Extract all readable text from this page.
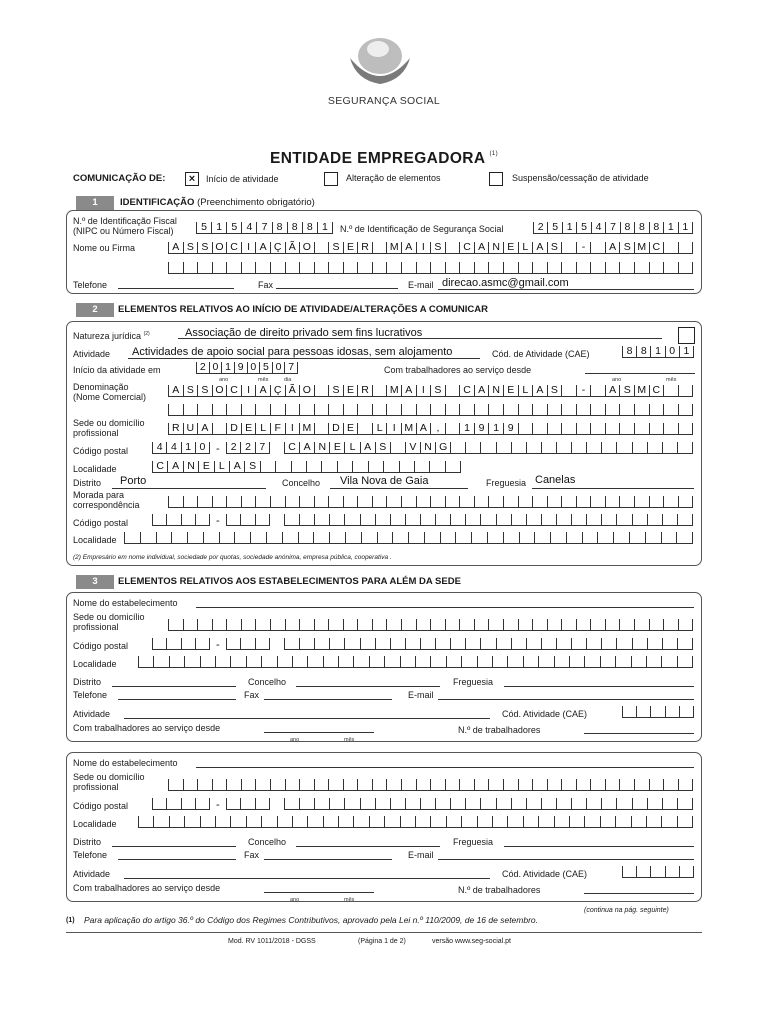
SEGURANÇA SOCIAL
ENTIDADE EMPREGADORA $^{(1)}$
COMUNICAÇÃO DE:	×	Início de atividade	Alteração de elementos	Suspensão/cessação de atividade
1	IDENTIFICAÇÃO (Preenchimento obrigatório)
N.º de Identificação Fiscal
(NIPC ou Número Fiscal)	5 1 5 4 7 8 8 8 1	N.º de Identificação de Segurança Social	2 5 1 5 4 7 8 8 8 1 1
Nome ou Firma	A S S O C I A Ç Ã O	S E R	M A I S	C A N E L A S	-	A S M C
Telefone	Fax	E-mail direcao.asmc@gmail.com
2	ELEMENTOS RELATIVOS AO INÍCIO DE ATIVIDADE/ALTERAÇÕES A COMUNICAR
Natureza jurídica $^{(2)}$	Associação de direito privado sem fins lucrativos
Atividade Actividades de apoio social para pessoas idosas, sem alojamento	Cód. de Atividade (CAE)	8 8 1 0 1
Início da atividade em	2 0 1 9 0 5 0 7
ano	mês	dia
Com trabalhadores ao serviço desde
ano	mês
Denominação
(Nome Comercial)
A S S O C I A Ç Ã O	S E R	M A I S	C A N E L A S	-	A S M C
Sede ou domicílio
profissional	R U A	D E L F I M	D E	L I M A ,	1 9 1 9
Código postal	4 4 1 0 -	2 2 7	C A N E L A S	V N G
Localidade	C A N E L A S
Distrito Porto	Concelho Vila Nova de Gaia	Freguesia Canelas
Morada para
correspondência
Código postal	-
Localidade
(2) Empresário em nome individual, sociedade por quotas, sociedade anónima, empresa pública, cooperativa .
3	ELEMENTOS RELATIVOS AOS ESTABELECIMENTOS PARA ALÉM DA SEDE
Nome do estabelecimento
Sede ou domicílio
profissional
Código postal	-
Localidade
Distrito	Concelho	Freguesia
Telefone	Fax	E-mail
Atividade	Cód. Atividade (CAE)
Com trabalhadores ao serviço desde
ano	mês
N.º de trabalhadores
Nome do estabelecimento
Sede ou domicílio
profissional
Código postal	-
Localidade
Distrito	Concelho	Freguesia
Telefone	Fax	E-mail
Atividade	Cód. Atividade (CAE)
Com trabalhadores ao serviço desde
ano	mês
N.º de trabalhadores
(continua na pág. seguinte)
(1) Para aplicação do artigo 36.º do Código dos Regimes Contributivos, aprovado pela Lei n.º 110/2009, de 16 de setembro.
Mod. RV 1011/2018 - DGSS	(Página 1 de 2)	versão www.seg-social.pt
